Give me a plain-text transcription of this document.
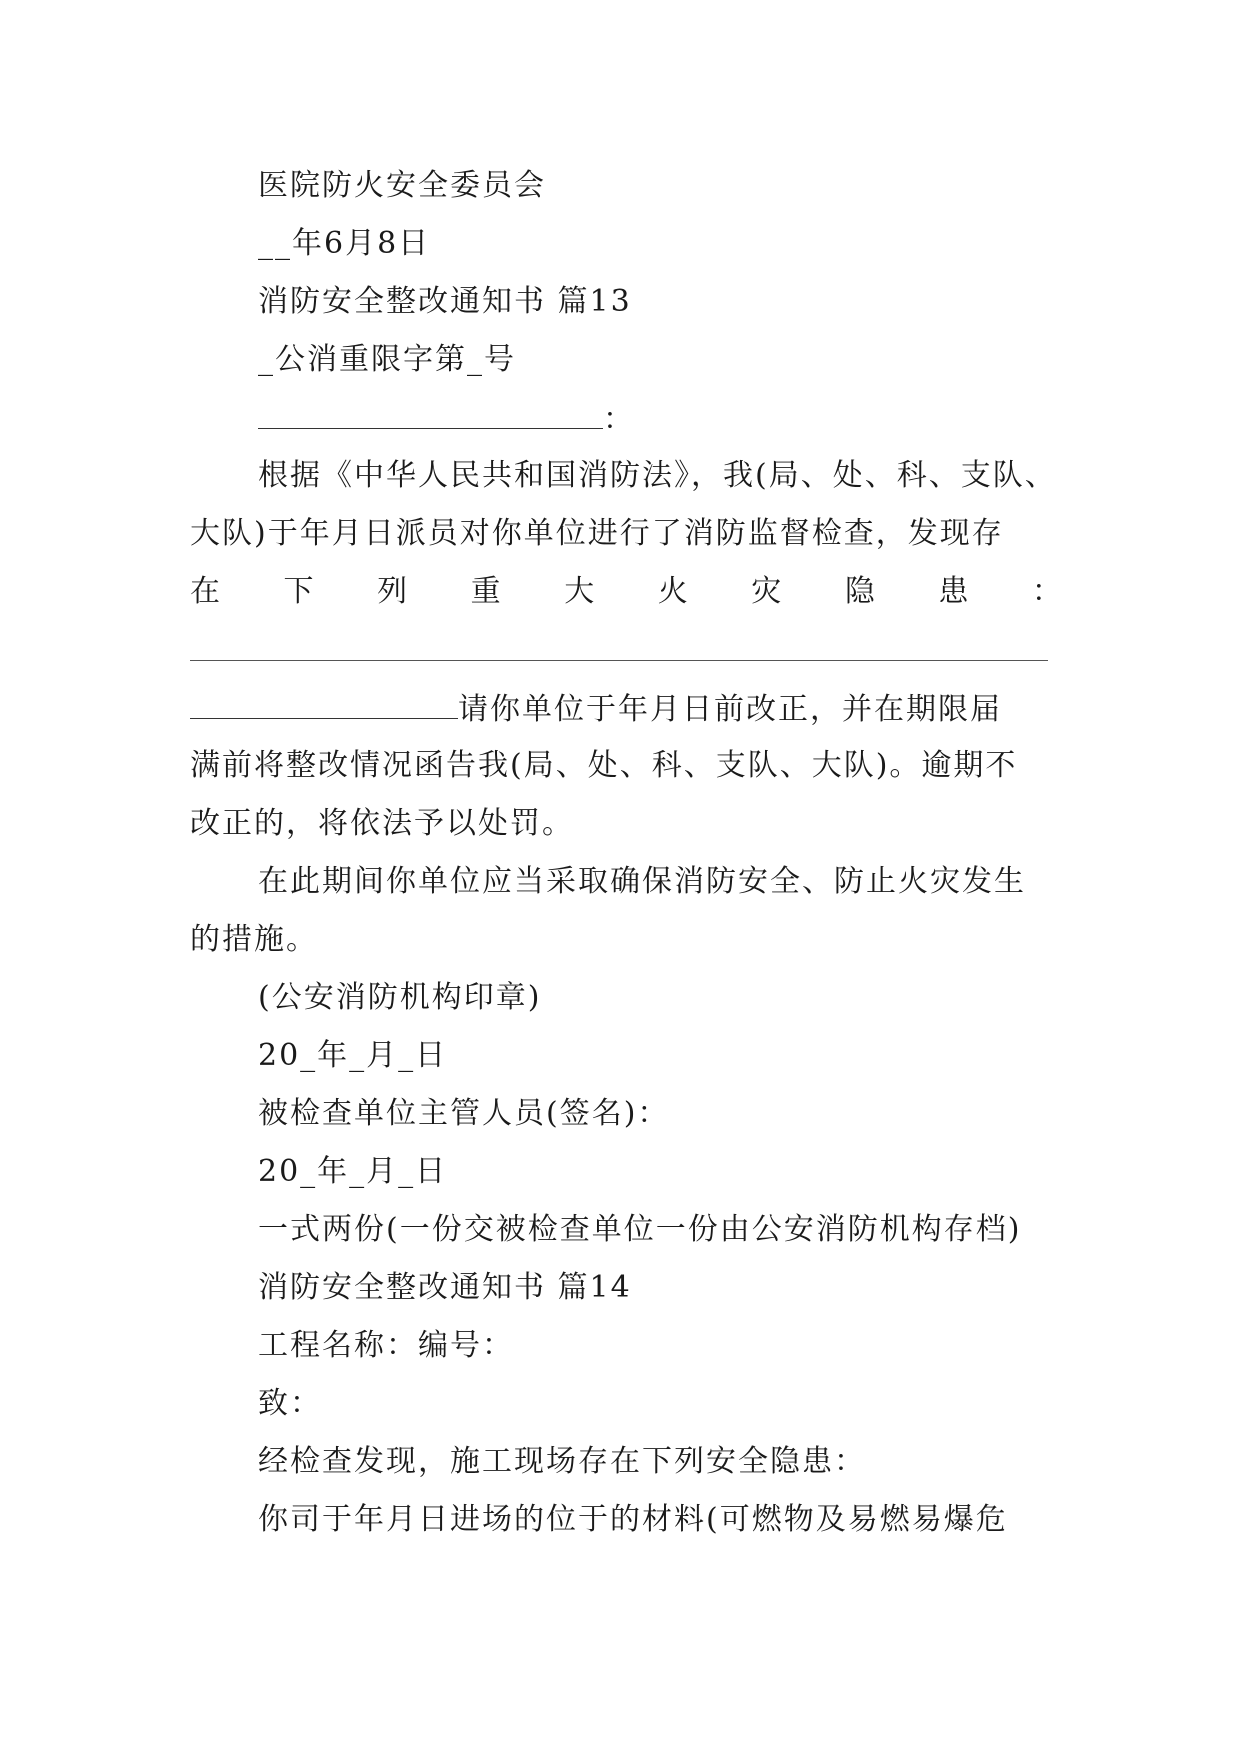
医院防火安全委员会
__年6月8日
消防安全整改通知书 篇13
_公消重限字第_号
：
根据《中华人民共和国消防法》，我(局、处、科、支队、
大队)于年月日派员对你单位进行了消防监督检查，发现存
在 下 列 重 大 火 灾 隐 患 ：
请你单位于年月日前改正，并在期限届
满前将整改情况函告我(局、处、科、支队、大队)。逾期不
改正的，将依法予以处罚。
在此期间你单位应当采取确保消防安全、防止火灾发生
的措施。
(公安消防机构印章)
20_年_月_日
被检查单位主管人员(签名)：
20_年_月_日
一式两份(一份交被检查单位一份由公安消防机构存档)
消防安全整改通知书 篇14
工程名称：编号：
致：
经检查发现，施工现场存在下列安全隐患：
你司于年月日进场的位于的材料(可燃物及易燃易爆危
